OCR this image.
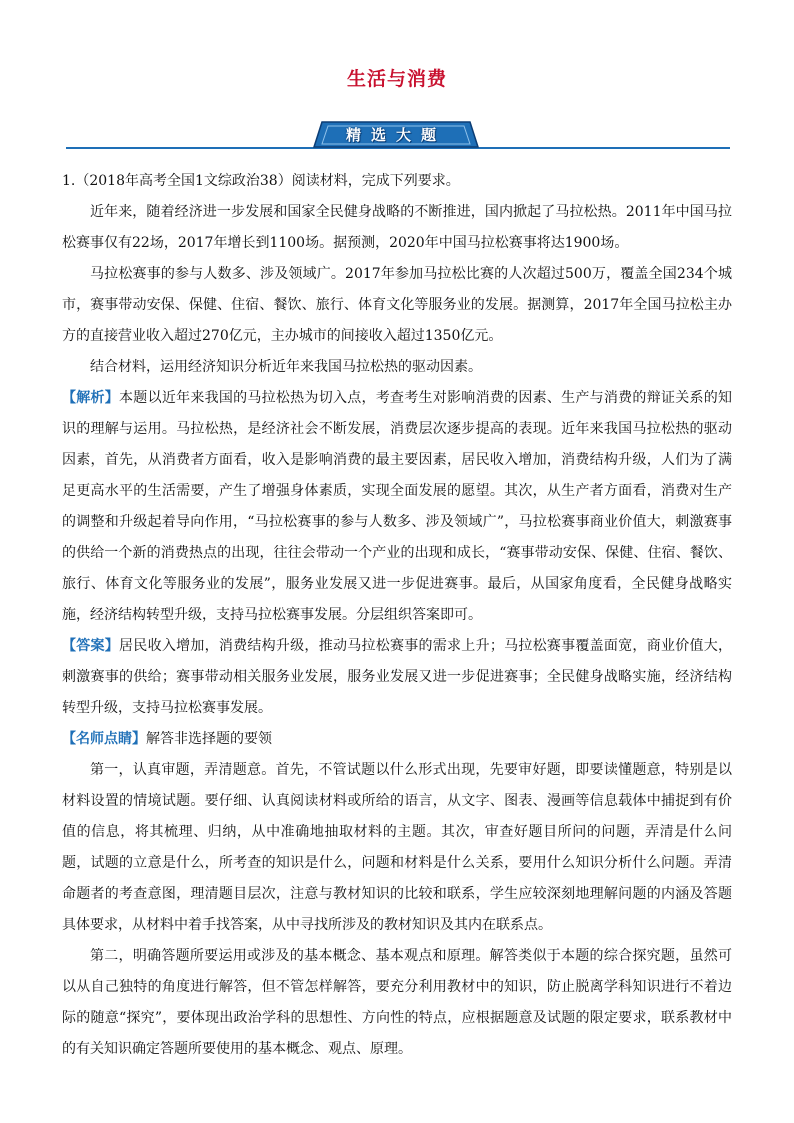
生活与消费
精选大题

1.（2018年高考全国1文综政治38）阅读材料，完成下列要求。

近年来，随着经济进一步发展和国家全民健身战略的不断推进，国内掀起了马拉松热。2011年中国马拉松赛事仅有22场，2017年增长到1100场。据预测，2020年中国马拉松赛事将达1900场。

马拉松赛事的参与人数多、涉及领域广。2017年参加马拉松比赛的人次超过500万，覆盖全国234个城市，赛事带动安保、保健、住宿、餐饮、旅行、体育文化等服务业的发展。据测算，2017年全国马拉松主办方的直接营业收入超过270亿元，主办城市的间接收入超过1350亿元。

结合材料，运用经济知识分析近年来我国马拉松热的驱动因素。

【解析】本题以近年来我国的马拉松热为切入点，考查考生对影响消费的因素、生产与消费的辩证关系的知识的理解与运用。马拉松热，是经济社会不断发展，消费层次逐步提高的表现。近年来我国马拉松热的驱动因素，首先，从消费者方面看，收入是影响消费的最主要因素，居民收入增加，消费结构升级，人们为了满足更高水平的生活需要，产生了增强身体素质，实现全面发展的愿望。其次，从生产者方面看，消费对生产的调整和升级起着导向作用，“马拉松赛事的参与人数多、涉及领域广”，马拉松赛事商业价值大，刺激赛事的供给一个新的消费热点的出现，往往会带动一个产业的出现和成长，“赛事带动安保、保健、住宿、餐饮、旅行、体育文化等服务业的发展”，服务业发展又进一步促进赛事。最后，从国家角度看，全民健身战略实施，经济结构转型升级，支持马拉松赛事发展。分层组织答案即可。

【答案】居民收入增加，消费结构升级，推动马拉松赛事的需求上升；马拉松赛事覆盖面宽，商业价值大，刺激赛事的供给；赛事带动相关服务业发展，服务业发展又进一步促进赛事；全民健身战略实施，经济结构转型升级，支持马拉松赛事发展。

【名师点睛】解答非选择题的要领

第一，认真审题，弄清题意。首先，不管试题以什么形式出现，先要审好题，即要读懂题意，特别是以材料设置的情境试题。要仔细、认真阅读材料或所给的语言，从文字、图表、漫画等信息载体中捕捉到有价值的信息，将其梳理、归纳，从中准确地抽取材料的主题。其次，审查好题目所问的问题，弄清是什么问题，试题的立意是什么，所考查的知识是什么，问题和材料是什么关系，要用什么知识分析什么问题。弄清命题者的考查意图，理清题目层次，注意与教材知识的比较和联系，学生应较深刻地理解问题的内涵及答题具体要求，从材料中着手找答案，从中寻找所涉及的教材知识及其内在联系点。

第二，明确答题所要运用或涉及的基本概念、基本观点和原理。解答类似于本题的综合探究题，虽然可以从自己独特的角度进行解答，但不管怎样解答，要充分利用教材中的知识，防止脱离学科知识进行不着边际的随意“探究”，要体现出政治学科的思想性、方向性的特点，应根据题意及试题的限定要求，联系教材中的有关知识确定答题所要使用的基本概念、观点、原理。
